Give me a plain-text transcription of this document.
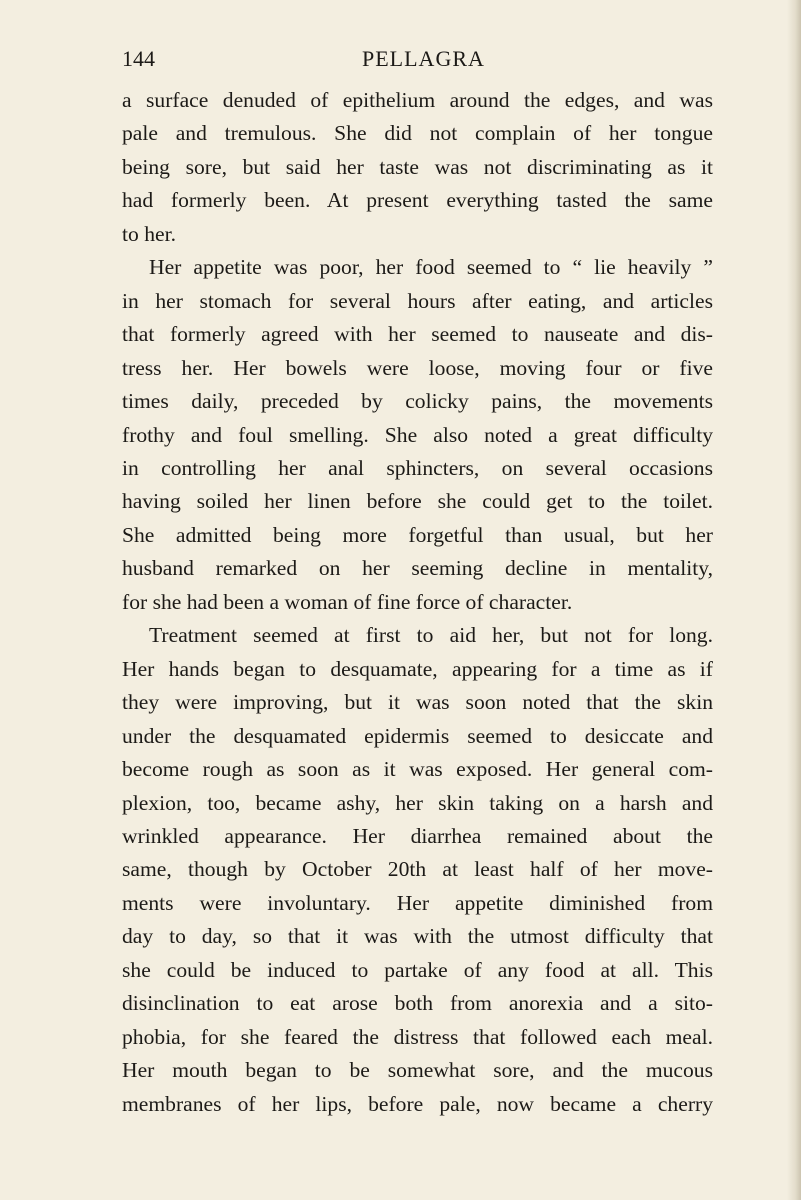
144	PELLAGRA
a surface denuded of epithelium around the edges, and was
pale and tremulous. She did not complain of her tongue
being sore, but said her taste was not discriminating as it
had formerly been. At present everything tasted the same
to her.
Her appetite was poor, her food seemed to “ lie heavily ”
in her stomach for several hours after eating, and articles
that formerly agreed with her seemed to nauseate and dis-
tress her. Her bowels were loose, moving four or five
times daily, preceded by colicky pains, the movements
frothy and foul smelling. She also noted a great difficulty
in controlling her anal sphincters, on several occasions
having soiled her linen before she could get to the toilet.
She admitted being more forgetful than usual, but her
husband remarked on her seeming decline in mentality,
for she had been a woman of fine force of character.
Treatment seemed at first to aid her, but not for long.
Her hands began to desquamate, appearing for a time as if
they were improving, but it was soon noted that the skin
under the desquamated epidermis seemed to desiccate and
become rough as soon as it was exposed. Her general com-
plexion, too, became ashy, her skin taking on a harsh and
wrinkled appearance. Her diarrhea remained about the
same, though by October 20th at least half of her move-
ments were involuntary. Her appetite diminished from
day to day, so that it was with the utmost difficulty that
she could be induced to partake of any food at all. This
disinclination to eat arose both from anorexia and a sito-
phobia, for she feared the distress that followed each meal.
Her mouth began to be somewhat sore, and the mucous
membranes of her lips, before pale, now became a cherry
